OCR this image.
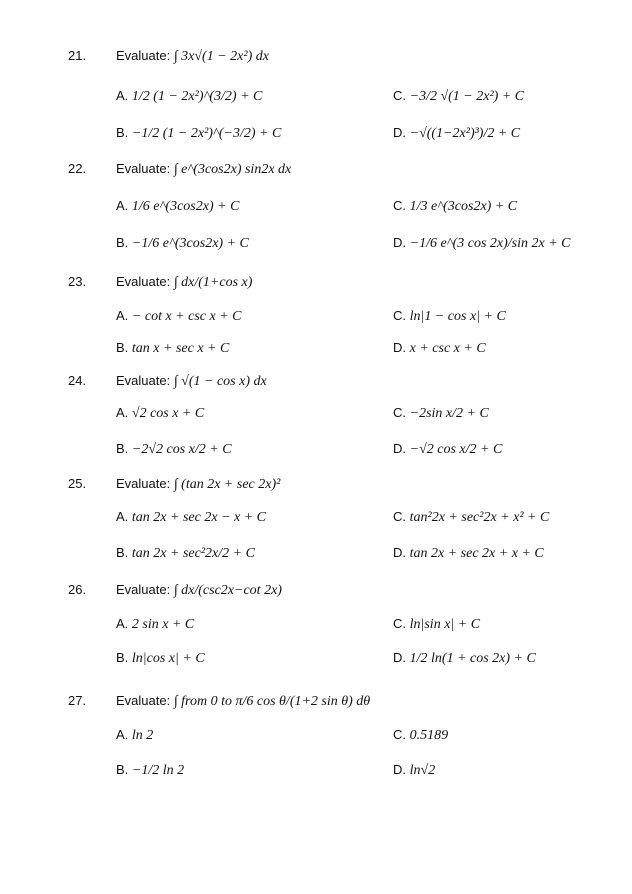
21. Evaluate: ∫ 3x√(1 − 2x²) dx
A. 1/2 (1 − 2x²)^(3/2) + C	C. −3/2 √(1 − 2x²) + C
B. −1/2 (1 − 2x²)^(−3/2) + C	D. −√((1−2x²)³)/2 + C
22. Evaluate: ∫ e^(3cos2x) sin2x dx
A. 1/6 e^(3cos2x) + C	C. 1/3 e^(3cos2x) + C
B. −1/6 e^(3cos2x) + C	D. −1/6 e^(3 cos 2x)/sin 2x + C
23. Evaluate: ∫ dx/(1+cos x)
A. − cot x + csc x + C	C. ln|1 − cos x| + C
B. tan x + sec x + C	D. x + csc x + C
24. Evaluate: ∫ √(1 − cos x) dx
A. √2 cos x + C	C. −2sin x/2 + C
B. −2√2 cos x/2 + C	D. −√2 cos x/2 + C
25. Evaluate: ∫ (tan 2x + sec 2x)²
A. tan 2x + sec 2x − x + C	C. tan²2x + sec²2x + x² + C
B. tan 2x + sec²2x/2 + C	D. tan 2x + sec 2x + x + C
26. Evaluate: ∫ dx/(csc2x−cot 2x)
A. 2 sin x + C	C. ln|sin x| + C
B. ln|cos x| + C	D. 1/2 ln(1 + cos 2x) + C
27. Evaluate: ∫ from 0 to π/6 cos θ/(1+2 sin θ) dθ
A. ln 2	C. 0.5189
B. −1/2 ln 2	D. ln√2
